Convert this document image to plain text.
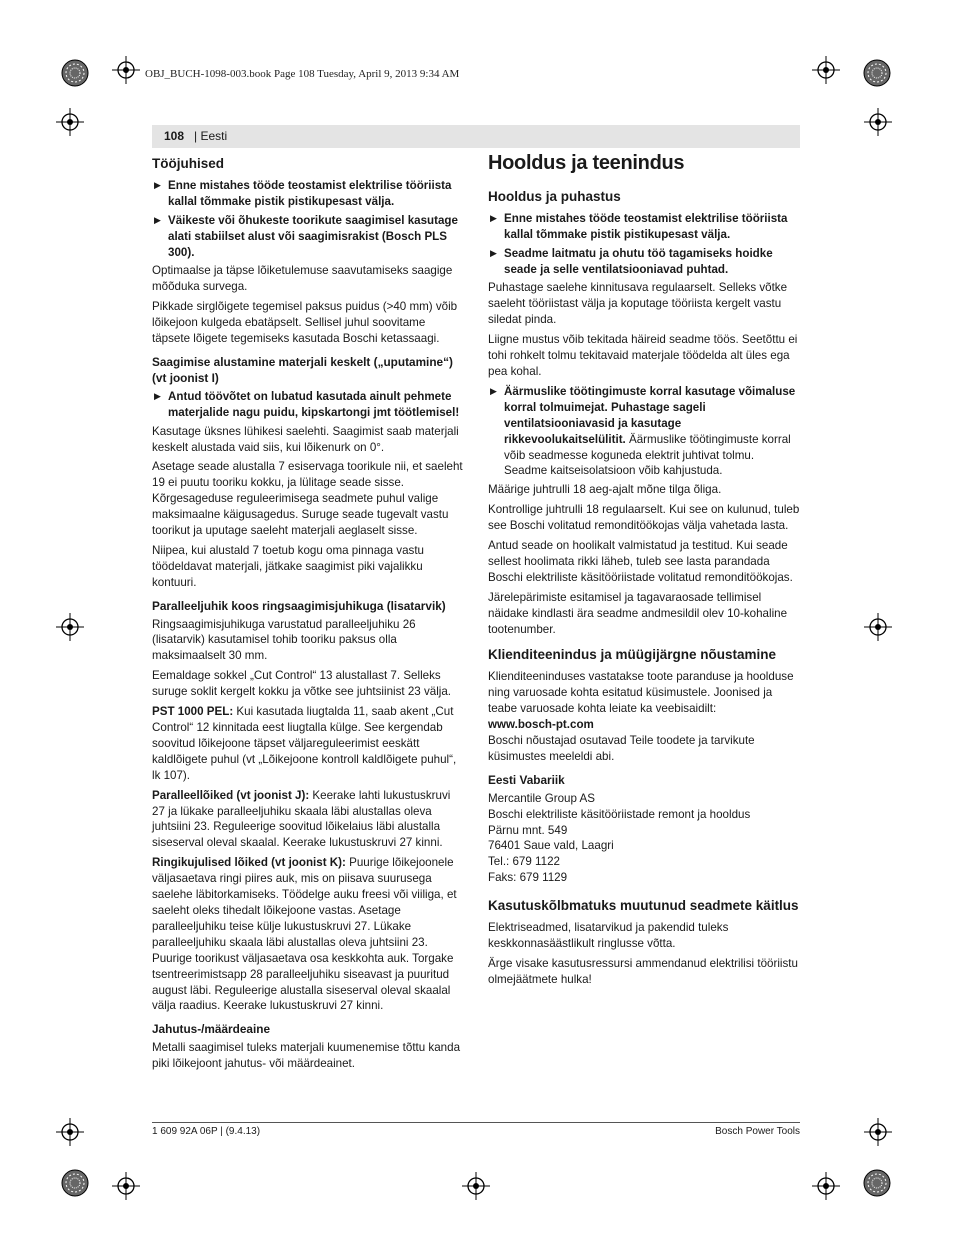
OBJ_BUCH-1098-003.book Page 108 Tuesday, April 9, 2013 9:34 AM
108 | Eesti
Tööjuhised
▶ Enne mistahes tööde teostamist elektrilise tööriista kallal tõmmake pistik pistikupesast välja.
▶ Väikeste või õhukeste toorikute saagimisel kasutage alati stabiilset alust või saagimisrakist (Bosch PLS 300).

Optimaalse ja täpse lõiketulemuse saavutamiseks saagige mõõduka survega.

Pikkade sirglõigete tegemisel paksus puidus (>40 mm) võib lõikejoon kulgeda ebatäpselt. Sellisel juhul soovitame täpsete lõigete tegemiseks kasutada Boschi ketassaagi.

Saagimise alustamine materjali keskelt („uputamine“) (vt joonist I)
▶ Antud töövõtet on lubatud kasutada ainult pehmete materjalide nagu puidu, kipskartongi jmt töötlemisel!

Kasutage üksnes lühikesi saelehti. Saagimist saab materjali keskelt alustada vaid siis, kui lõikenurk on 0°.

Asetage seade alustalla 7 esiservaga toorikule nii, et saeleht 19 ei puutu tooriku kokku, ja lülitage seade sisse. Kõrgesageduse reguleerimisega seadmete puhul valige maksimaalne käigusagedus. Suruge seade tugevalt vastu toorikut ja uputage saeleht materjali aeglaselt sisse.

Niipea, kui alustald 7 toetub kogu oma pinnaga vastu töödeldavat materjali, jätkake saagimist piki vajalikku kontuuri.

Paralleeljuhik koos ringsaagimisjuhikuga (lisatarvik)

Ringsaagimisjuhikuga varustatud paralleeljuhiku 26 (lisatarvik) kasutamisel tohib tooriku paksus olla maksimaalselt 30 mm.

Eemaldage sokkel „Cut Control“ 13 alustallast 7. Selleks suruge soklit kergelt kokku ja võtke see juhtsiinist 23 välja.

PST 1000 PEL: Kui kasutada liugtalda 11, saab akent „Cut Control“ 12 kinnitada eest liugtalla külge. See kergendab soovitud lõikejoone täpset väljareguleerimist eeskätt kaldlõigete puhul (vt „Lõikejoone kontroll kaldlõigete puhul“, lk 107).

Paralleellõiked (vt joonist J): Keerake lahti lukustuskruvi 27 ja lükake paralleeljuhiku skaala läbi alustallas oleva juhtsiini 23. Reguleerige soovitud lõikelaius läbi alustalla siseserval oleval skaalal. Keerake lukustuskruvi 27 kinni.

Ringikujulised lõiked (vt joonist K): Puurige lõikejoonele väljasaetava ringi piires auk, mis on piisava suurusega saelehe läbitorkamiseks. Töödelge auku freesi või viiliga, et saeleht oleks tihedalt lõikejoone vastas. Asetage paralleeljuhiku teise külje lukustuskruvi 27. Lükake paralleeljuhiku skaala läbi alustallas oleva juhtsiini 23. Puurige toorikust väljasaetava osa keskkohta auk. Torgake tsentreerimistsapp 28 paralleeljuhiku siseavast ja puuritud august läbi. Reguleerige alustalla siseserval oleval skaalal välja raadius. Keerake lukustuskruvi 27 kinni.

Jahutus-/määrdeaine

Metalli saagimisel tuleks materjali kuumenemise tõttu kanda piki lõikejoont jahutus- või määrdeainet.

Hooldus ja teenindus
Hooldus ja puhastus
▶ Enne mistahes tööde teostamist elektrilise tööriista kallal tõmmake pistik pistikupesast välja.
▶ Seadme laitmatu ja ohutu töö tagamiseks hoidke seade ja selle ventilatsiooniavad puhtad.

Puhastage saelehe kinnitusava regulaarselt. Selleks võtke saeleht tööriistast välja ja koputage tööriista kergelt vastu siledat pinda.

Liigne mustus võib tekitada häireid seadme töös. Seetõttu ei tohi rohkelt tolmu tekitavaid materjale töödelda alt üles ega pea kohal.

▶ Äärmuslike töötingimuste korral kasutage võimaluse korral tolmuimejat. Puhastage sageli ventilatsiooniavasid ja kasutage rikkevoolukaitselülitit. Äärmuslike töötingimuste korral võib seadmesse koguneda elektrit juhtivat tolmu. Seadme kaitseisolatsioon võib kahjustuda.

Määrige juhtrulli 18 aeg-ajalt mõne tilga õliga.

Kontrollige juhtrulli 18 regulaarselt. Kui see on kulunud, tuleb see Boschi volitatud remonditöökojas välja vahetada lasta.

Antud seade on hoolikalt valmistatud ja testitud. Kui seade sellest hoolimata rikki läheb, tuleb see lasta parandada Boschi elektriliste käsitööriistade volitatud remonditöökojas.

Järelepärimiste esitamisel ja tagavaraosade tellimisel näidake kindlasti ära seadme andmesildil olev 10-kohaline tootenumber.

Klienditeenindus ja müügijärgne nõustamine

Klienditeeninduses vastatakse toote paranduse ja hoolduse ning varuosade kohta esitatud küsimustele. Joonised ja teabe varuosade kohta leiate ka veebisaidilt:

www.bosch-pt.com

Boschi nõustajad osutavad Teile toodete ja tarvikute küsimustes meeleldi abi.

Eesti Vabariik

Mercantile Group AS

Boschi elektriliste käsitööriistade remont ja hooldus

Pärnu mnt. 549

76401 Saue vald, Laagri

Tel.: 679 1122

Faks: 679 1129

Kasutuskõlbmatuks muutunud seadmete käitlus

Elektriseadmed, lisatarvikud ja pakendid tuleks keskkonnasäästlikult ringlusse võtta.

Ärge visake kasutusressursi ammendanud elektrilisi tööriistu olmejäätmete hulka!

1 609 92A 06P | (9.4.13)	Bosch Power Tools
